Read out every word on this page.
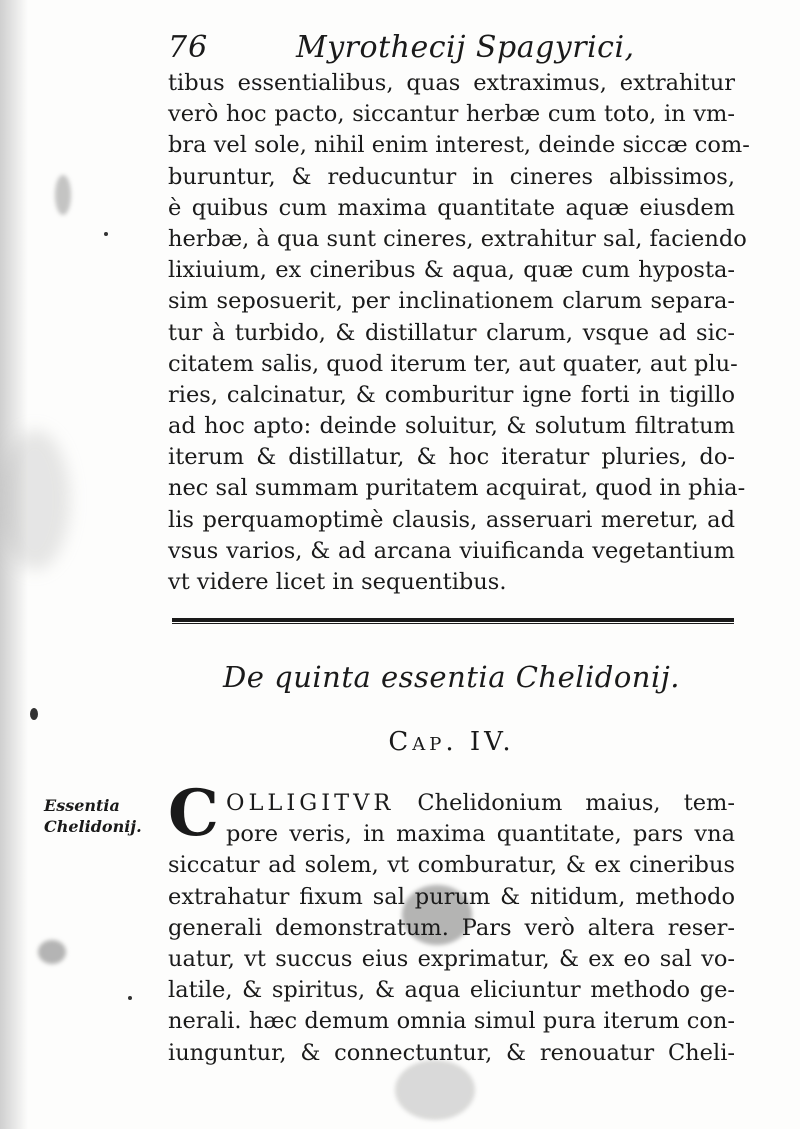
76	Myrothecij Spagyrici,
tibus essentialibus, quas extraximus, extrahitur
verò hoc pacto, siccantur herbæ cum toto, in vm-
bra vel sole, nihil enim interest, deinde siccæ com-
buruntur, & reducuntur in cineres albissimos,
è quibus cum maxima quantitate aquæ eiusdem
herbæ, à qua sunt cineres, extrahitur sal, faciendo
lixiuium, ex cineribus & aqua, quæ cum hyposta-
sim seposuerit, per inclinationem clarum separa-
tur à turbido, & distillatur clarum, vsque ad sic-
citatem salis, quod iterum ter, aut quater, aut plu-
ries, calcinatur, & comburitur igne forti in tigillo
ad hoc apto: deinde soluitur, & solutum filtratum
iterum & distillatur, & hoc iteratur pluries, do-
nec sal summam puritatem acquirat, quod in phia-
lis perquamoptimè clausis, asseruari meretur, ad
vsus varios, & ad arcana viuificanda vegetantium
vt videre licet in sequentibus.
De quinta essentia Chelidonij.
Cap. IV.
Essentia
Chelidonij. C OLLIGITVR Chelidonium maius, tem-
pore veris, in maxima quantitate, pars vna
siccatur ad solem, vt comburatur, & ex cineribus
extrahatur fixum sal purum & nitidum, methodo
generali demonstratum. Pars verò altera reser-
uatur, vt succus eius exprimatur, & ex eo sal vo-
latile, & spiritus, & aqua eliciuntur methodo ge-
nerali. hæc demum omnia simul pura iterum con-
iunguntur, & connectuntur, & renouatur Cheli-
